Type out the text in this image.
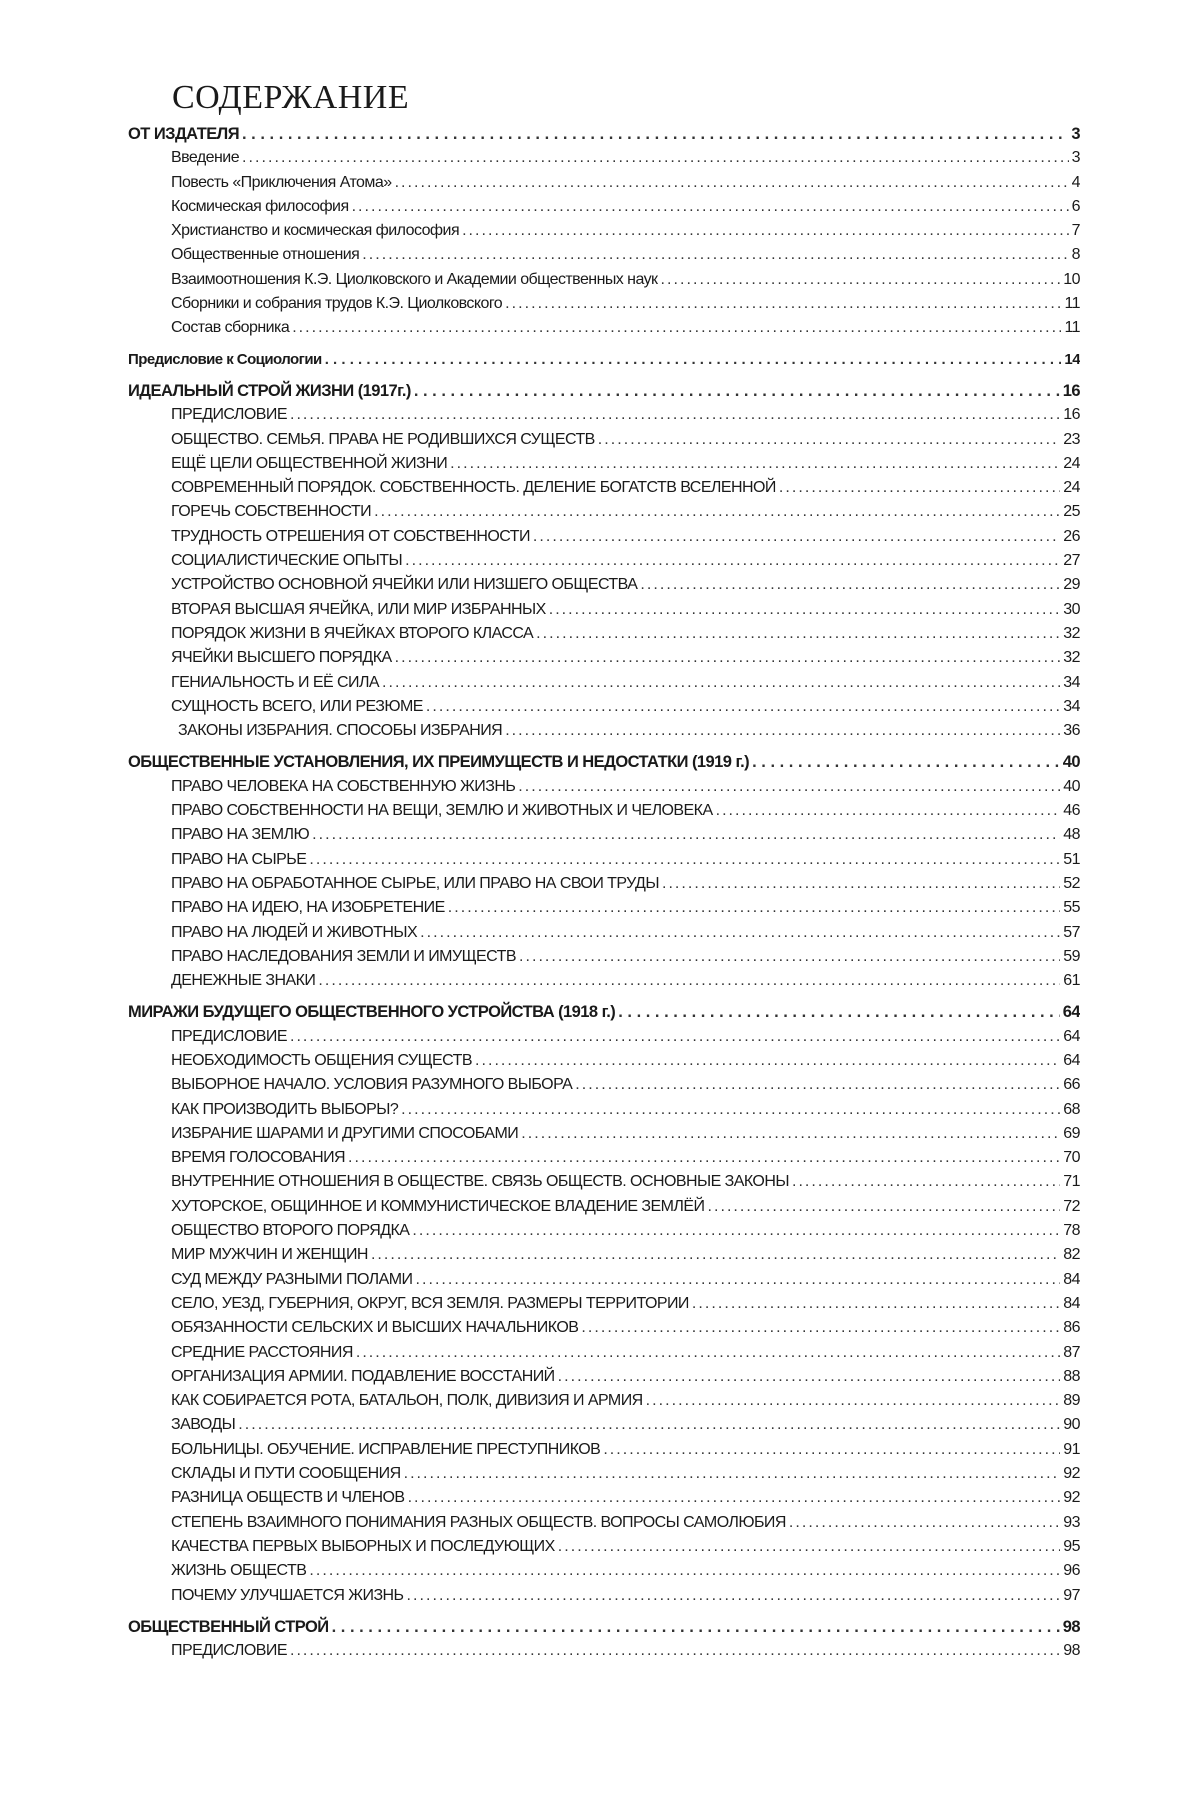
СОДЕРЖАНИЕ
ОТ ИЗДАТЕЛЯ . . .	3
Введение . . .	3
Повесть «Приключения Атома» . . .	4
Космическая философия . . .	6
Христианство и космическая философия . . .	7
Общественные отношения . . .	8
Взаимоотношения К.Э. Циолковского и Академии общественных наук . . .	10
Сборники и собрания трудов К.Э. Циолковского . . .	11
Состав сборника . . .	11
Предисловие к Социологии . . .	14
ИДЕАЛЬНЫЙ СТРОЙ ЖИЗНИ (1917г.) . . .	16
ПРЕДИСЛОВИЕ . . .	16
ОБЩЕСТВО. СЕМЬЯ. ПРАВА НЕ РОДИВШИХСЯ СУЩЕСТВ . . .	23
ЕЩЁ ЦЕЛИ ОБЩЕСТВЕННОЙ ЖИЗНИ . . .	24
СОВРЕМЕННЫЙ ПОРЯДОК. СОБСТВЕННОСТЬ. ДЕЛЕНИЕ БОГАТСТВ ВСЕЛЕННОЙ . . .	24
ГОРЕЧЬ СОБСТВЕННОСТИ . . .	25
ТРУДНОСТЬ ОТРЕШЕНИЯ ОТ СОБСТВЕННОСТИ . . .	26
СОЦИАЛИСТИЧЕСКИЕ ОПЫТЫ . . .	27
УСТРОЙСТВО ОСНОВНОЙ ЯЧЕЙКИ ИЛИ НИЗШЕГО ОБЩЕСТВА . . .	29
ВТОРАЯ ВЫСШАЯ ЯЧЕЙКА, ИЛИ МИР ИЗБРАННЫХ . . .	30
ПОРЯДОК ЖИЗНИ В ЯЧЕЙКАХ ВТОРОГО КЛАССА . . .	32
ЯЧЕЙКИ ВЫСШЕГО ПОРЯДКА . . .	32
ГЕНИАЛЬНОСТЬ И ЕЁ СИЛА . . .	34
СУЩНОСТЬ ВСЕГО, ИЛИ РЕЗЮМЕ . . .	34
ЗАКОНЫ ИЗБРАНИЯ. СПОСОБЫ ИЗБРАНИЯ . . .	36
ОБЩЕСТВЕННЫЕ УСТАНОВЛЕНИЯ, ИХ ПРЕИМУЩЕСТВ И НЕДОСТАТКИ (1919 г.) . . .	40
ПРАВО ЧЕЛОВЕКА НА СОБСТВЕННУЮ ЖИЗНЬ . . .	40
ПРАВО СОБСТВЕННОСТИ НА ВЕЩИ, ЗЕМЛЮ И ЖИВОТНЫХ И ЧЕЛОВЕКА . . .	46
ПРАВО НА ЗЕМЛЮ . . .	48
ПРАВО НА СЫРЬЕ . . .	51
ПРАВО НА ОБРАБОТАННОЕ СЫРЬЕ, ИЛИ ПРАВО НА СВОИ ТРУДЫ . . .	52
ПРАВО НА ИДЕЮ, НА ИЗОБРЕТЕНИЕ . . .	55
ПРАВО НА ЛЮДЕЙ И ЖИВОТНЫХ . . .	57
ПРАВО НАСЛЕДОВАНИЯ ЗЕМЛИ И ИМУЩЕСТВ . . .	59
ДЕНЕЖНЫЕ ЗНАКИ . . .	61
МИРАЖИ БУДУЩЕГО ОБЩЕСТВЕННОГО УСТРОЙСТВА (1918 г.) . . .	64
ПРЕДИСЛОВИЕ . . .	64
НЕОБХОДИМОСТЬ ОБЩЕНИЯ СУЩЕСТВ . . .	64
ВЫБОРНОЕ НАЧАЛО. УСЛОВИЯ РАЗУМНОГО ВЫБОРА . . .	66
КАК ПРОИЗВОДИТЬ ВЫБОРЫ? . . .	68
ИЗБРАНИЕ ШАРАМИ И ДРУГИМИ СПОСОБАМИ . . .	69
ВРЕМЯ ГОЛОСОВАНИЯ . . .	70
ВНУТРЕННИЕ ОТНОШЕНИЯ В ОБЩЕСТВЕ. СВЯЗЬ ОБЩЕСТВ. ОСНОВНЫЕ ЗАКОНЫ . . .	71
ХУТОРСКОЕ, ОБЩИННОЕ И КОММУНИСТИЧЕСКОЕ ВЛАДЕНИЕ ЗЕМЛЁЙ . . .	72
ОБЩЕСТВО ВТОРОГО ПОРЯДКА . . .	78
МИР МУЖЧИН И ЖЕНЩИН . . .	82
СУД МЕЖДУ РАЗНЫМИ ПОЛАМИ . . .	84
СЕЛО, УЕЗД, ГУБЕРНИЯ, ОКРУГ, ВСЯ ЗЕМЛЯ. РАЗМЕРЫ ТЕРРИТОРИИ . . .	84
ОБЯЗАННОСТИ СЕЛЬСКИХ И ВЫСШИХ НАЧАЛЬНИКОВ . . .	86
СРЕДНИЕ РАССТОЯНИЯ . . .	87
ОРГАНИЗАЦИЯ АРМИИ. ПОДАВЛЕНИЕ ВОССТАНИЙ . . .	88
КАК СОБИРАЕТСЯ РОТА, БАТАЛЬОН, ПОЛК, ДИВИЗИЯ И АРМИЯ . . .	89
ЗАВОДЫ . . .	90
БОЛЬНИЦЫ. ОБУЧЕНИЕ. ИСПРАВЛЕНИЕ ПРЕСТУПНИКОВ . . .	91
СКЛАДЫ И ПУТИ СООБЩЕНИЯ . . .	92
РАЗНИЦА ОБЩЕСТВ И ЧЛЕНОВ . . .	92
СТЕПЕНЬ ВЗАИМНОГО ПОНИМАНИЯ РАЗНЫХ ОБЩЕСТВ. ВОПРОСЫ САМОЛЮБИЯ . . .	93
КАЧЕСТВА ПЕРВЫХ ВЫБОРНЫХ И ПОСЛЕДУЮЩИХ . . .	95
ЖИЗНЬ ОБЩЕСТВ . . .	96
ПОЧЕМУ УЛУЧШАЕТСЯ ЖИЗНЬ . . .	97
ОБЩЕСТВЕННЫЙ СТРОЙ . . .	98
ПРЕДИСЛОВИЕ . . .	98
